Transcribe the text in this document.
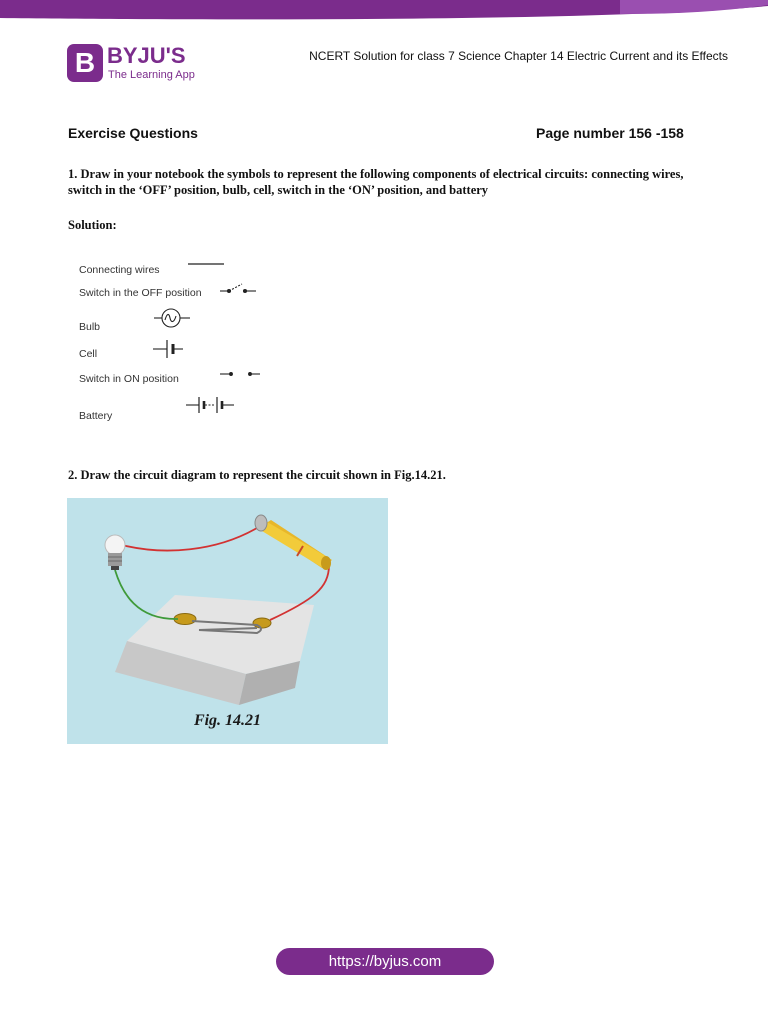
B BYJU'S
The Learning App
NCERT Solution for class 7 Science Chapter 14 Electric Current and its Effects
Exercise Questions	Page number 156 -158
1. Draw in your notebook the symbols to represent the following components of electrical circuits: connecting wires, switch in the ‘OFF’ position, bulb, cell, switch in the ‘ON’ position, and battery
Solution:
Connecting wires
Switch in the OFF position
Bulb
Cell
Switch in ON position
Battery
2. Draw the circuit diagram to represent the circuit shown in Fig.14.21.
Fig. 14.21
https://byjus.com
